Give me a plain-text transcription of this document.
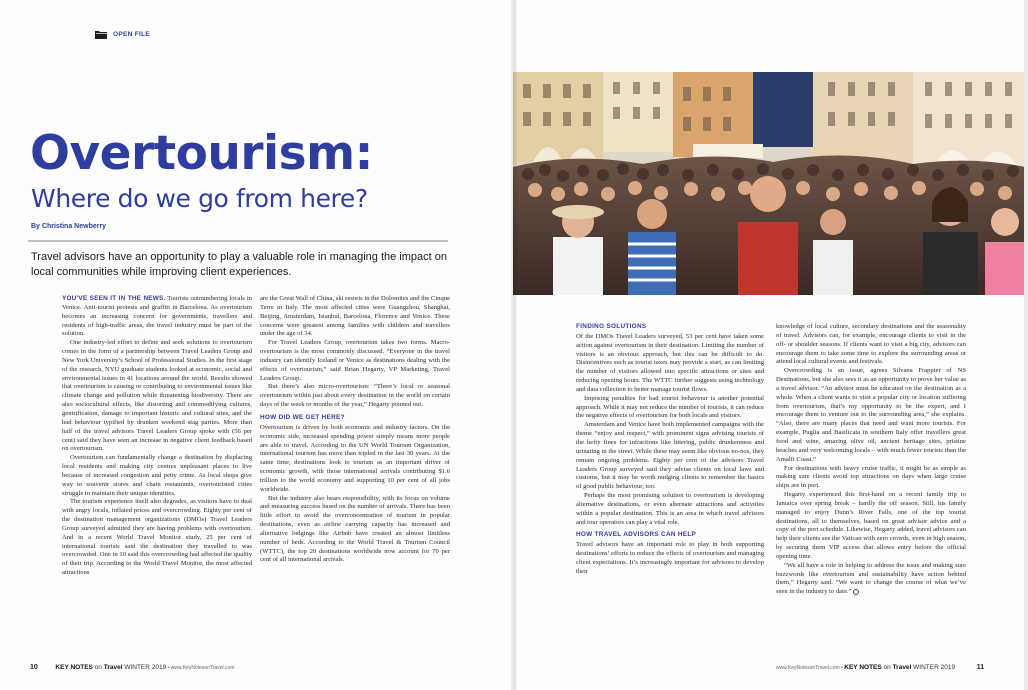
OPEN FILE
Overtourism:
Where do we go from here?
By Christina Newberry
Travel advisors have an opportunity to play a valuable role in managing the impact on local communities while improving client experiences.

YOU’VE SEEN IT IN THE NEWS. Tourists outnumbering locals in Venice. Anti-tourist protests and graffiti in Barcelona. As overtourism becomes an increasing concern for governments, travellers and residents of high-traffic areas, the travel industry must be part of the solution.

One industry-led effort to define and seek solutions to overtourism comes in the form of a partnership between Travel Leaders Group and New York University’s School of Professional Studies. In the first stage of the research, NYU graduate students looked at economic, social and environmental issues in 41 locations around the world. Results showed that overtourism is causing or contributing to environmental issues like climate change and pollution while threatening biodiversity. There are also sociocultural effects, like distorting and commodifying cultures, gentrification, damage to important historic and cultural sites, and the bad behaviour typified by drunken weekend stag parties. More than half of the travel advisors Travel Leaders Group spoke with (56 per cent) said they have seen an increase in negative client feedback based on overtourism.

Overtourism can fundamentally change a destination by displacing local residents and making city centres unpleasant places to live because of increased congestion and petty crime. As local shops give way to souvenir stores and chain restaurants, overtouristed cities struggle to maintain their unique identities.

The tourism experience itself also degrades, as visitors have to deal with angry locals, inflated prices and overcrowding. Eighty per cent of the destination management organizations (DMOs) Travel Leaders Group surveyed admitted they are having problems with overtourism. And in a recent World Travel Monitor study, 25 per cent of international tourists said the destination they travelled to was overcrowded. One in 10 said this overcrowding had affected the quality of their trip. According to the World Travel Monitor, the most affected attractions

are the Great Wall of China, ski resorts in the Dolomites and the Cinque Terre in Italy. The most affected cities were Guangzhou, Shanghai, Beijing, Amsterdam, Istanbul, Barcelona, Florence and Venice. These concerns were greatest among families with children and travellers under the age of 34.

For Travel Leaders Group, overtourism takes two forms. Macro-overtourism is the most commonly discussed. “Everyone in the travel industry can identify Iceland or Venice as destinations dealing with the effects of overtourism,” said Brian Hegarty, VP Marketing, Travel Leaders Group.

But there’s also micro-overtourism: “There’s local or seasonal overtourism within just about every destination in the world on certain days of the week or months of the year,” Hegarty pointed out.

HOW DID WE GET HERE?

Overtourism is driven by both economic and industry factors. On the economic side, increased spending power simply means more people are able to travel. According to the UN World Tourism Organization, international tourism has more than tripled in the last 30 years. At the same time, destinations look to tourism as an important driver of economic growth, with those international arrivals contributing $1.6 trillion to the world economy and supporting 10 per cent of all jobs worldwide.

But the industry also bears responsibility, with its focus on volume and measuring success based on the number of arrivals. There has been little effort to avoid the overconcentration of tourism in popular destinations, even as airline carrying capacity has increased and alternative lodgings like Airbnb have created an almost limitless number of beds. According to the World Travel & Tourism Council (WTTC), the top 20 destinations worldwide now account for 70 per cent of all international arrivals.

10	KEY NOTES on Travel WINTER 2019 • www.KeyNotesonTravel.com
FINDING SOLUTIONS

Of the DMOs Travel Leaders surveyed, 53 per cent have taken some action against overtourism in their destination. Limiting the number of visitors is an obvious approach, but this can be difficult to do. Disincentives such as tourist taxes may provide a start, as can limiting the number of visitors allowed into specific attractions or sites and reducing opening hours. The WTTC further suggests using technology and data collection to better manage tourist flows.

Imposing penalties for bad tourist behaviour is another potential approach. While it may not reduce the number of tourists, it can reduce the negative effects of overtourism for both locals and visitors.

Amsterdam and Venice have both implemented campaigns with the theme “enjoy and respect,” with prominent signs advising tourists of the hefty fines for infractions like littering, public drunkenness and urinating in the street. While these may seem like obvious no-nos, they remain ongoing problems. Eighty per cent of the advisors Travel Leaders Group surveyed said they advise clients on local laws and customs, but it may be worth nudging clients to remember the basics of good public behaviour, too.

Perhaps the most promising solution to overtourism is developing alternative destinations, or even alternate attractions and activities within a popular destination. This is an area in which travel advisors and tour operators can play a vital role.

HOW TRAVEL ADVISORS CAN HELP

Travel advisors have an important role to play in both supporting destinations’ efforts to reduce the effects of overtourism and managing client expectations. It’s increasingly important for advisors to develop their

knowledge of local culture, secondary destinations and the seasonality of travel. Advisors can, for example, encourage clients to visit in the off- or shoulder seasons. If clients want to visit a big city, advisors can encourage them to take some time to explore the surrounding areas or attend local cultural events and festivals.

Overcrowding is an issue, agrees Silvana Frappier of NS Destinations, but she also sees it as an opportunity to prove her value as a travel advisor. “An advisor must be educated on the destination as a whole. When a client wants to visit a popular city or location suffering from overtourism, that’s my opportunity to be the expert, and I encourage them to venture out to the surrounding area,” she explains. “Also, there are many places that need and want more tourists. For example, Puglia and Basilicata in southern Italy offer travellers great food and wine, amazing olive oil, ancient heritage sites, pristine beaches and very welcoming locals – with much fewer tourists than the Amalfi Coast.”

For destinations with heavy cruise traffic, it might be as simple as making sure clients avoid top attractions on days when large cruise ships are in port.

Hegarty experienced this first-hand on a recent family trip to Jamaica over spring break – hardly the off season. Still, his family managed to enjoy Dunn’s River Falls, one of the top tourist destinations, all to themselves, based on great advisor advice and a copy of the port schedule. Likewise, Hegarty added, travel advisors can help their clients see the Vatican with zero crowds, even in high season, by securing them VIP access that allows entry before the official opening time.

“We all have a role in helping to address the issue and making sure buzzwords like overtourism and sustainability have action behind them,” Hegarty said. “We want to change the course of what we’ve seen in the industry to date.”

www.KeyNotesonTravel.com • KEY NOTES on Travel WINTER 2019	11
